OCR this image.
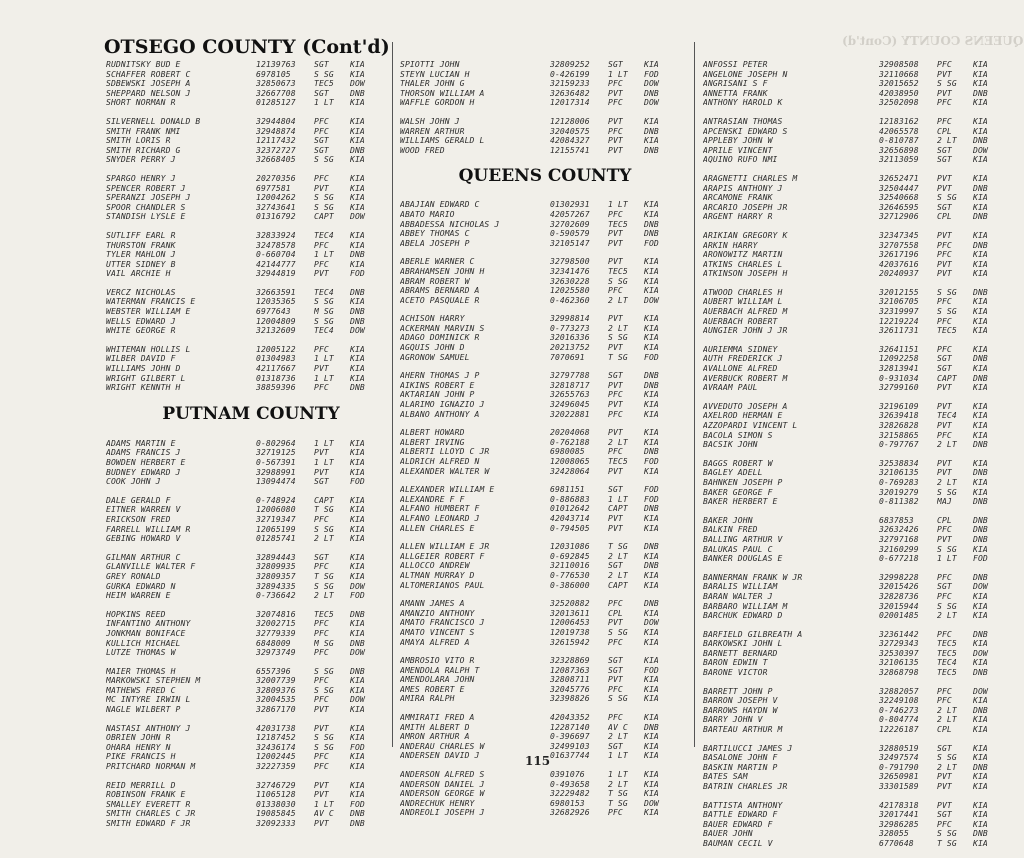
QUEENS COUNTY (Cont'd)
RUDNITSKY BUD E	12139763	SGT	KIA
SCHAFFER ROBERT C	6978105	S SG	KIA
SDBEWSKI JOSEPH A	32850673	TEC5	DOW
SHEPPARD NELSON J	32667708	SGT	DNB
SHORT NORMAN R	01285127	1 LT	KIA
SILVERNELL DONALD B	32944804	PFC	KIA
SMITH FRANK NMI	32948874	PFC	KIA
SMITH LORIS R	12117432	SGT	KIA
SMITH RICHARD G	32372727	SGT	DNB
SNYDER PERRY J	32668405	S SG	KIA
SPARGO HENRY J	20270356	PFC	KIA
SPENCER ROBERT J	6977581	PVT	KIA
SPERANZI JOSEPH J	12004262	S SG	KIA
SPOOR CHANDLER S	32743641	S SG	KIA
STANDISH LYSLE E	01316792	CAPT	DOW
SUTLIFF EARL R	32833924	TEC4	KIA
THURSTON FRANK	32478578	PFC	KIA
TYLER MAHLON J	0-660704	1 LT	DNB
UTTER SIDNEY B	42144777	PFC	KIA
VAIL ARCHIE H	32944819	PVT	FOD
VERCZ NICHOLAS	32663591	TEC4	DNB
WATERMAN FRANCIS E	12035365	S SG	KIA
WEBSTER WILLIAM E	6977643	M SG	DNB
WELLS EDWARD J	12004809	S SG	DNB
WHITE GEORGE R	32132609	TEC4	DOW
WHITEMAN HOLLIS L	12005122	PFC	KIA
WILBER DAVID F	01304983	1 LT	KIA
WILLIAMS JOHN D	42117667	PVT	KIA
WRIGHT GILBERT L	01318736	1 LT	KIA
WRIGHT KENNTH H	38859396	PFC	DNB
PUTNAM COUNTY
ADAMS MARTIN E	0-802964	1 LT	KIA
ADAMS FRANCIS J	32719125	PVT	KIA
BOWDEN HERBERT E	0-567391	1 LT	KIA
BUDNEY EDWARD J	32988991	PVT	KIA
COOK JOHN J	13094474	SGT	FOD
DALE GERALD F	0-748924	CAPT	KIA
EITNER WARREN V	12006080	T SG	KIA
ERICKSON FRED	32719347	PFC	KIA
FARRELL WILLIAM R	12065199	S SG	KIA
GEBING HOWARD V	01285741	2 LT	KIA
GILMAN ARTHUR C	32894443	SGT	KIA
GLANVILLE WALTER F	32809935	PFC	KIA
GREY RONALD	32809357	T SG	KIA
GURKA EDWARD N	32894335	S SG	DOW
HEIM WARREN E	0-736642	2 LT	FOD
HOPKINS REED	32074816	TEC5	DNB
INFANTINO ANTHONY	32002715	PFC	KIA
JONKMAN BONIFACE	32779339	PFC	KIA
KULLICH MICHAEL	6848009	M SG	DNB
LUTZE THOMAS W	32973749	PFC	DOW
MAIER THOMAS H	6557396	S SG	DNB
MARKOWSKI STEPHEN M	32007739	PFC	KIA
MATHEWS FRED C	32809376	S SG	KIA
MC INTYRE IRWIN L	32004535	PFC	DOW
NAGLE WILBERT P	32867170	PVT	KIA
NASTASI ANTHONY J	42031738	PVT	KIA
OBRIEN JOHN R	12187452	S SG	KIA
OHARA HENRY N	32436174	S SG	FOD
PIKE FRANCIS H	12002445	PFC	KIA
PRITCHARD NORMAN M	32227359	PFC	KIA
REID MERRILL D	32746729	PVT	KIA
ROBINSON FRANK E	11065128	PVT	KIA
SMALLEY EVERETT R	01338030	1 LT	FOD
SMITH CHARLES C JR	19085845	AV C	DNB
SMITH EDWARD F JR	32092333	PVT	DNB
SPIOTTI JOHN	32809252	SGT	KIA
STEYN LUCIAN H	0-426199	1 LT	FOD
THALER JOHN G	32159233	PFC	DOW
THORSON WILLIAM A	32636482	PVT	DNB
WAFFLE GORDON H	12017314	PFC	DOW
WALSH JOHN J	12128006	PVT	KIA
WARREN ARTHUR	32040575	PFC	DNB
WILLIAMS GERALD L	42084327	PVT	KIA
WOOD FRED	12155741	PVT	DNB
QUEENS COUNTY
ABAJIAN EDWARD C	01302931	1 LT	KIA
ABATO MARIO	42057267	PFC	KIA
ABBADESSA NICHOLAS J	32702609	TEC5	DNB
ABBEY THOMAS C	0-590579	PVT	DNB
ABELA JOSEPH P	32105147	PVT	FOD
ABERLE WARNER C	32798500	PVT	KIA
ABRAHAMSEN JOHN H	32341476	TEC5	KIA
ABRAM ROBERT W	32630228	S SG	KIA
ABRAMS BERNARD A	12025580	PFC	KIA
ACETO PASQUALE R	0-462360	2 LT	DOW
ACHISON HARRY	32998814	PVT	KIA
ACKERMAN MARVIN S	0-773273	2 LT	KIA
ADAGO DOMINICK R	32016336	S SG	KIA
AGQUIS JOHN D	20213752	PVT	KIA
AGRONOW SAMUEL	7070691	T SG	FOD
AHERN THOMAS J P	32797788	SGT	DNB
AIKINS ROBERT E	32818717	PVT	DNB
AKTARIAN JOHN P	32655763	PFC	KIA
ALARIMO IGNAZIO J	32496045	PVT	KIA
ALBANO ANTHONY A	32022881	PFC	KIA
ALBERT HOWARD	20204068	PVT	KIA
ALBERT IRVING	0-762188	2 LT	KIA
ALBERTI LLOYD C JR	6980085	PFC	DNB
ALDRICH ALFRED N	12008065	TEC5	FOD
ALEXANDER WALTER W	32428064	PVT	KIA
ALEXANDER WILLIAM E	6981151	SGT	FOD
ALEXANDRE F F	0-886883	1 LT	FOD
ALFANO HUMBERT F	01012642	CAPT	DNB
ALFANO LEONARD J	42043714	PVT	KIA
ALLEN CHARLES E	0-794505	PVT	KIA
ALLEN WILLIAM E JR	12031086	T SG	DNB
ALLGEIER ROBERT F	0-692845	2 LT	KIA
ALLOCCO ANDREW	32110016	SGT	DNB
ALTMAN MURRAY D	0-776530	2 LT	KIA
ALTOMERIANOS PAUL	0-386000	CAPT	KIA
AMANN JAMES A	32520882	PFC	DNB
AMANZIO ANTHONY	32013611	CPL	KIA
AMATO FRANCISCO J	12006453	PVT	DOW
AMATO VINCENT S	12019738	S SG	KIA
AMAYA ALFRED A	32615942	PFC	KIA
AMBROSIO VITO R	32328869	SGT	KIA
AMENDOLA RALPH T	12087363	SGT	FOD
AMENDOLARA JOHN	32808711	PVT	KIA
AMES ROBERT E	32045776	PFC	KIA
AMIRA RALPH	32398826	S SG	KIA
AMMIRATI FRED A	42043352	PFC	KIA
AMITH ALBERT D	12287140	AV C	DNB
AMRON ARTHUR A	0-396697	2 LT	KIA
ANDERAU CHARLES W	32499103	SGT	KIA
ANDERSEN DAVID J	01637744	1 LT	KIA
ANDERSON ALFRED S	0391076	1 LT	KIA
ANDERSON DANIEL J	0-493658	2 LT	KIA
ANDERSON GEORGE W	32229482	T SG	KIA
ANDRECHUK HENRY	6980153	T SG	DOW
ANDREOLI JOSEPH J	32682926	PFC	KIA
ANFOSSI PETER	32908508	PFC	KIA
ANGELONE JOSEPH N	32110668	PVT	KIA
ANGRISANI S F	32015652	S SG	KIA
ANNETTA FRANK	42038950	PVT	DNB
ANTHONY HAROLD K	32502098	PFC	KIA
ANTRASIAN THOMAS	12183162	PFC	KIA
APCENSKI EDWARD S	42065578	CPL	KIA
APPLEBY JOHN W	0-810787	2 LT	DNB
APRILE VINCENT	32656898	SGT	DOW
AQUINO RUFO NMI	32113059	SGT	KIA
ARAGNETTI CHARLES M	32652471	PVT	KIA
ARAPIS ANTHONY J	32504447	PVT	DNB
ARCAMONE FRANK	32540668	S SG	KIA
ARCARIO JOSEPH JR	32646595	SGT	KIA
ARGENT HARRY R	32712906	CPL	DNB
ARIKIAN GREGORY K	32347345	PVT	KIA
ARKIN HARRY	32707558	PFC	DNB
ARONOWITZ MARTIN	32617196	PFC	KIA
ATKINS CHARLES L	42037616	PVT	KIA
ATKINSON JOSEPH H	20240937	PVT	KIA
ATWOOD CHARLES H	32012155	S SG	DNB
AUBERT WILLIAM L	32106705	PFC	KIA
AUERBACH ALFRED M	32319997	S SG	KIA
AUERBACH ROBERT	12219224	PFC	KIA
AUNGIER JOHN J JR	32611731	TEC5	KIA
AURIEMMA SIDNEY	32641151	PFC	KIA
AUTH FREDERICK J	12092258	SGT	DNB
AVALLONE ALFRED	32813941	SGT	KIA
AVERBUCK ROBERT M	0-931034	CAPT	DNB
AVRAAM PAUL	32799160	PVT	KIA
AVVEDUTO JOSEPH A	32196109	PVT	KIA
AXELROD HERMAN E	32639418	TEC4	KIA
AZZOPARDI VINCENT L	32826828	PVT	KIA
BACOLA SIMON S	32158865	PFC	KIA
BACSIK JOHN	0-797767	2 LT	DNB
BAGGS ROBERT W	32538834	PVT	KIA
BAGLEY ADELL	32106135	PVT	DNB
BAHNKEN JOSEPH P	0-769283	2 LT	KIA
BAKER GEORGE F	32019279	S SG	KIA
BAKER HERBERT E	0-811382	MAJ	DNB
BAKER JOHN	6837853	CPL	DNB
BALKIN FRED	32632426	PFC	DNB
BALLING ARTHUR V	32797168	PVT	DNB
BALUKAS PAUL C	32160299	S SG	KIA
BANKER DOUGLAS E	0-677218	1 LT	FOD
BANNERMAN FRANK W JR	32998228	PFC	DNB
BARALIS WILLIAM	32015426	SGT	DOW
BARAN WALTER J	32828736	PFC	KIA
BARBARO WILLIAM M	32015944	S SG	KIA
BARCHUK EDWARD D	02001485	2 LT	KIA
BARFIELD GILBREATH A	32361442	PFC	DNB
BARKOWSKI JOHN L	32729343	TEC5	KIA
BARNETT BERNARD	32530397	TEC5	DOW
BARON EDWIN T	32106135	TEC4	KIA
BARONE VICTOR	32868798	TEC5	DNB
BARRETT JOHN P	32882057	PFC	DOW
BARRON JOSEPH V	32249108	PFC	KIA
BARROWS HAYDN W	0-746273	2 LT	DNB
BARRY JOHN V	0-804774	2 LT	KIA
BARTEAU ARTHUR M	12226187	CPL	KIA
BARTILUCCI JAMES J	32880519	SGT	KIA
BASALONE JOHN F	32497574	S SG	KIA
BASKIN MARTIN P	0-791790	2 LT	DNB
BATES SAM	32650981	PVT	KIA
BATRIN CHARLES JR	33301589	PVT	KIA
BATTISTA ANTHONY	42178318	PVT	KIA
BATTLE EDWARD F	32017441	SGT	KIA
BAUER EDWARD F	32986285	PFC	KIA
BAUER JOHN	328055	S SG	DNB
BAUMAN CECIL V	6770648	T SG	KIA
115
OTSEGO COUNTY (Cont'd)
